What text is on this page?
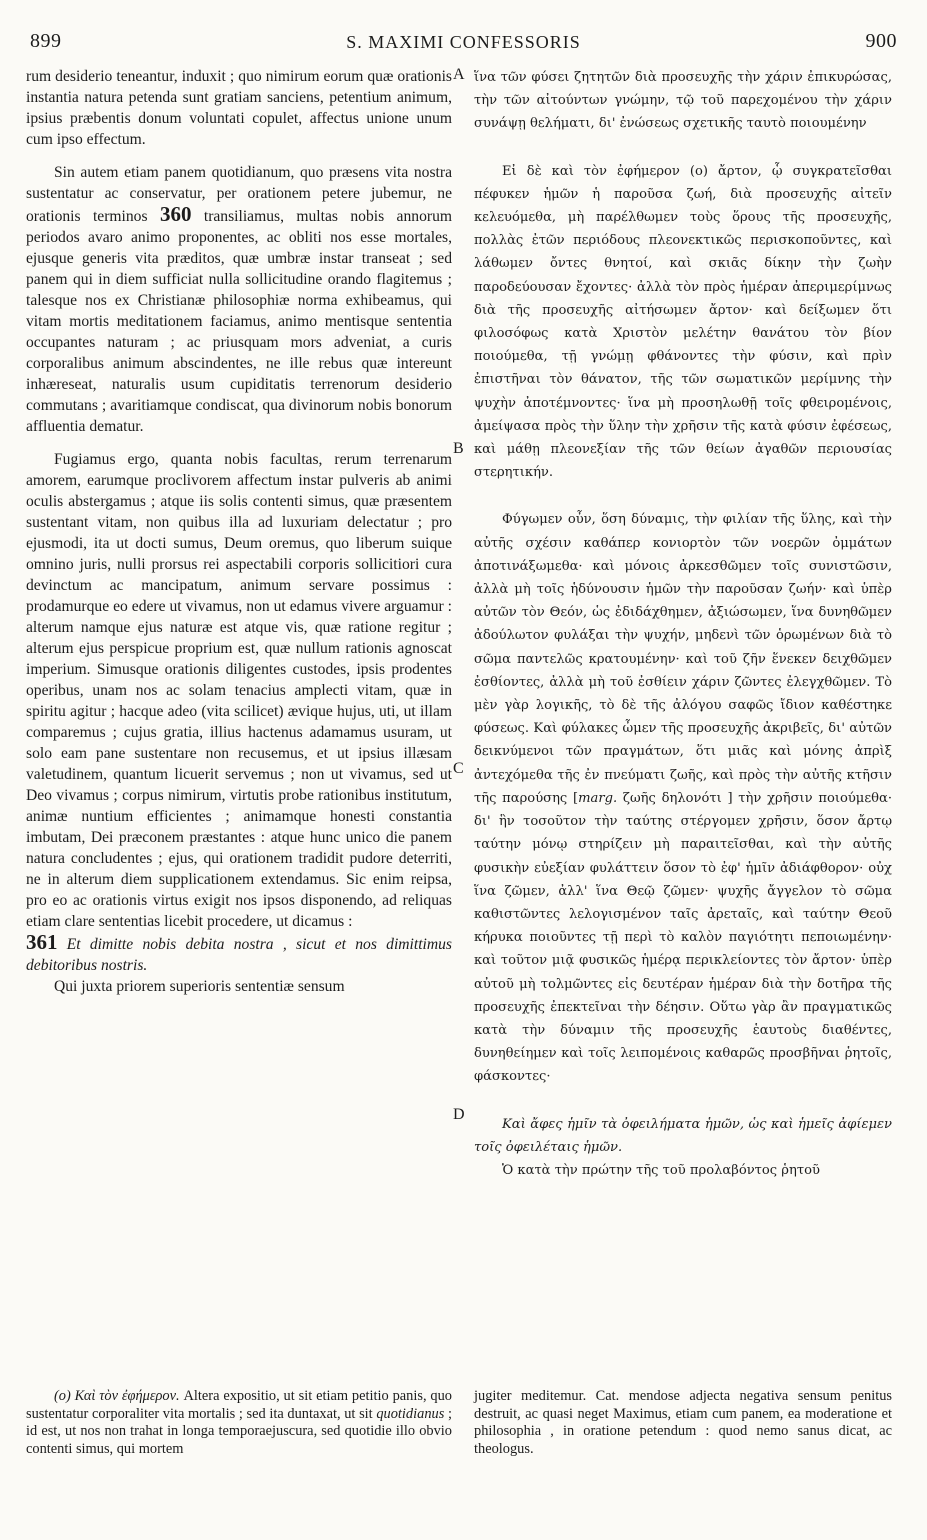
899	S. MAXIMI CONFESSORIS	900
A
B
C
D

rum desiderio teneantur, induxit ; quo nimirum eorum quæ orationis instantia natura petenda sunt gratiam sanciens, petentium animum, ipsius præbentis donum voluntati copulet, affectus unione unum cum ipso effectum.

Sin autem etiam panem quotidianum, quo præsens vita nostra sustentatur ac conservatur, per orationem petere jubemur, ne orationis terminos 360 transiliamus, multas nobis annorum periodos avaro animo proponentes, ac obliti nos esse mortales, ejusque generis vita præditos, quæ umbræ instar transeat ; sed panem qui in diem sufficiat nulla sollicitudine orando flagitemus ; talesque nos ex Christianæ philosophiæ norma exhibeamus, qui vitam mortis meditationem faciamus, animo mentisque sententia occupantes naturam ; ac priusquam mors adveniat, a curis corporalibus animum abscindentes, ne ille rebus quæ intereunt inhæreseat, naturalis usum cupiditatis terrenorum desiderio commutans ; avaritiamque condiscat, qua divinorum nobis bonorum affluentia dematur.

Fugiamus ergo, quanta nobis facultas, rerum terrenarum amorem, earumque proclivorem affectum instar pulveris ab animi oculis abstergamus ; atque iis solis contenti simus, quæ præsentem sustentant vitam, non quibus illa ad luxuriam delectatur ; pro ejusmodi, ita ut docti sumus, Deum oremus, quo liberum suique omnino juris, nulli prorsus rei aspectabili corporis sollicitiori cura devinctum ac mancipatum, animum servare possimus : prodamurque eo edere ut vivamus, non ut edamus vivere arguamur : alterum namque ejus naturæ est atque vis, quæ ratione regitur ; alterum ejus perspicue proprium est, quæ nullum rationis agnoscat imperium. Simusque orationis diligentes custodes, ipsis prodentes operibus, unam nos ac solam tenacius amplecti vitam, quæ in spiritu agitur ; hacque adeo (vita scilicet) ævique hujus, uti, ut illam comparemus ; cujus gratia, illius hactenus adamamus usuram, ut solo eam pane sustentare non recusemus, et ut ipsius illæsam valetudinem, quantum licuerit servemus ; non ut vivamus, sed ut Deo vivamus ; corpus nimirum, virtutis probe rationibus institutum, animæ nuntium efficientes ; animamque honesti constantia imbutam, Dei præconem præstantes : atque hunc unico die panem natura concludentes ; ejus, qui orationem tradidit pudore deterriti, ne in alterum diem supplicationem extendamus. Sic enim reipsa, pro eo ac orationis virtus exigit nos ipsos disponendo, ad reliquas etiam clare sententias licebit procedere, ut dicamus :

361 Et dimitte nobis debita nostra , sicut et nos dimittimus debitoribus nostris.

Qui juxta priorem superioris sententiæ sensum

ἵνα τῶν φύσει ζητητῶν διὰ προσευχῆς τὴν χάριν ἐπικυρώσας, τὴν τῶν αἰτούντων γνώμην, τῷ τοῦ παρεχομένου τὴν χάριν συνάψῃ θελήματι, δι' ἐνώσεως σχετικῆς ταυτὸ ποιουμένην

Εἰ δὲ καὶ τὸν ἐφήμερον (ο) ἄρτον, ᾧ συγκρατεῖσθαι πέφυκεν ἡμῶν ἡ παροῦσα ζωή, διὰ προσευχῆς αἰτεῖν κελευόμεθα, μὴ παρέλθωμεν τοὺς ὅρους τῆς προσευχῆς, πολλὰς ἐτῶν περιόδους πλεονεκτικῶς περισκοποῦντες, καὶ λάθωμεν ὄντες θνητοί, καὶ σκιᾶς δίκην τὴν ζωὴν παροδεύουσαν ἔχοντες· ἀλλὰ τὸν πρὸς ἡμέραν ἀπεριμερίμνως διὰ τῆς προσευχῆς αἰτήσωμεν ἄρτον· καὶ δείξωμεν ὅτι φιλοσόφως κατὰ Χριστὸν μελέτην θανάτου τὸν βίον ποιούμεθα, τῇ γνώμῃ φθάνοντες τὴν φύσιν, καὶ πρὶν ἐπιστῆναι τὸν θάνατον, τῆς τῶν σωματικῶν μερίμνης τὴν ψυχὴν ἀποτέμνοντες· ἵνα μὴ προσηλωθῇ τοῖς φθειρομένοις, ἀμείψασα πρὸς τὴν ὕλην τὴν χρῆσιν τῆς κατὰ φύσιν ἐφέσεως, καὶ μάθῃ πλεονεξίαν τῆς τῶν θείων ἀγαθῶν περιουσίας στερητικήν.

Φύγωμεν οὖν, ὅση δύναμις, τὴν φιλίαν τῆς ὕλης, καὶ τὴν αὐτῆς σχέσιν καθάπερ κονιορτὸν τῶν νοερῶν ὀμμάτων ἀποτινάξωμεθα· καὶ μόνοις ἀρκεσθῶμεν τοῖς συνιστῶσιν, ἀλλὰ μὴ τοῖς ἡδύνουσιν ἡμῶν τὴν παροῦσαν ζωήν· καὶ ὑπὲρ αὐτῶν τὸν Θεόν, ὡς ἐδιδάχθημεν, ἀξιώσωμεν, ἵνα δυνηθῶμεν ἀδούλωτον φυλάξαι τὴν ψυχήν, μηδενὶ τῶν ὁρωμένων διὰ τὸ σῶμα παντελῶς κρατουμένην· καὶ τοῦ ζῆν ἕνεκεν δειχθῶμεν ἐσθίοντες, ἀλλὰ μὴ τοῦ ἐσθίειν χάριν ζῶντες ἐλεγχθῶμεν. Τὸ μὲν γὰρ λογικῆς, τὸ δὲ τῆς ἀλόγου σαφῶς ἴδιον καθέστηκε φύσεως. Καὶ φύλακες ὦμεν τῆς προσευχῆς ἀκριβεῖς, δι' αὐτῶν δεικνύμενοι τῶν πραγμάτων, ὅτι μιᾶς καὶ μόνης ἀπρὶξ ἀντεχόμεθα τῆς ἐν πνεύματι ζωῆς, καὶ πρὸς τὴν αὐτῆς κτῆσιν τῆς παρούσης [marg. ζωῆς δηλονότι ] τὴν χρῆσιν ποιούμεθα· δι' ἣν τοσοῦτον τὴν ταύτης στέργομεν χρῆσιν, ὅσον ἄρτῳ ταύτην μόνῳ στηρίζειν μὴ παραιτεῖσθαι, καὶ τὴν αὐτῆς φυσικὴν εὐεξίαν φυλάττειν ὅσον τὸ ἐφ' ἡμῖν ἀδιάφθορον· οὐχ ἵνα ζῶμεν, ἀλλ' ἵνα Θεῷ ζῶμεν· ψυχῆς ἄγγελον τὸ σῶμα καθιστῶντες λελογισμένον ταῖς ἀρεταῖς, καὶ ταύτην Θεοῦ κήρυκα ποιοῦντες τῇ περὶ τὸ καλὸν παγιότητι πεποιωμένην· καὶ τοῦτον μιᾷ φυσικῶς ἡμέρᾳ περικλείοντες τὸν ἄρτον· ὑπὲρ αὐτοῦ μὴ τολμῶντες εἰς δευτέραν ἡμέραν διὰ τὴν δοτῆρα τῆς προσευχῆς ἐπεκτεῖναι τὴν δέησιν. Οὕτω γὰρ ἂν πραγματικῶς κατὰ τὴν δύναμιν τῆς προσευχῆς ἑαυτοὺς διαθέντες, δυνηθείημεν καὶ τοῖς λειπομένοις καθαρῶς προσβῆναι ῥητοῖς, φάσκοντες·

Καὶ ἄφες ἡμῖν τὰ ὀφειλήματα ἡμῶν, ὡς καὶ ἡμεῖς ἀφίεμεν τοῖς ὀφειλέταις ἡμῶν.

Ὁ κατὰ τὴν πρώτην τῆς τοῦ προλαβόντος ῥητοῦ

(o) Καὶ τὸν ἐφήμερον. Altera expositio, ut sit etiam petitio panis, quo sustentatur corporaliter vita mortalis ; sed ita duntaxat, ut sit quotidianus ; id est, ut nos non trahat in longa temporaejuscura, sed quotidie illo obvio contenti simus, qui mortem

jugiter meditemur. Cat. mendose adjecta negativa sensum penitus destruit, ac quasi neget Maximus, etiam cum panem, ea moderatione et philosophia , in oratione petendum : quod nemo sanus dicat, ac theologus.
